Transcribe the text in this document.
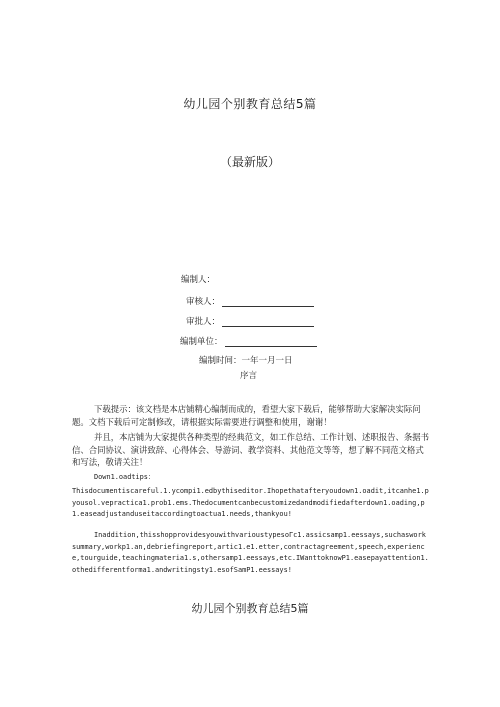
幼儿园个别教育总结5篇
（最新版）
编制人：
审核人：
审批人：
编制单位：
编制时间：一年一月一日
序言
下载提示：该文档是本店铺精心编制而成的，看望大家下载后，能够帮助大家解决实际问题。文档下载后可定制修改，请根据实际需要进行调整和使用，谢谢！
并且，本店铺为大家提供各种类型的经典范文，如工作总结、工作计划、述职报告、条据书信、合同协议、演讲致辞、心得体会、导游词、教学资料、其他范文等等，想了解不同范文格式和写法，敬请关注！
Down1.oadtips：
Thisdocumentiscareful.1.ycompi1.edbythiseditor.Ihopethatafteryoudown1.oadit,itcanhe1.pyousol.vepractica1.prob1.ems.Thedocumentcanbecustomizedandmodifiedafterdown1.oading,p1.easeadjustanduseitaccordingtoactua1.needs,thankyou!
Inaddition,thisshopprovidesyouwithvarioustypesoΓc1.assicsamp1.eessays,suchasworksummary,workp1.an,debriefingreport,artic1.e1.etter,contractagreement,speech,experience,tourguide,teachingmateria1.s,othersamp1.eessays,etc.IWanttoknowP1.easepayattention1.othedifferentforma1.andwritingsty1.esofSamP1.eessays!
幼儿园个别教育总结5篇
